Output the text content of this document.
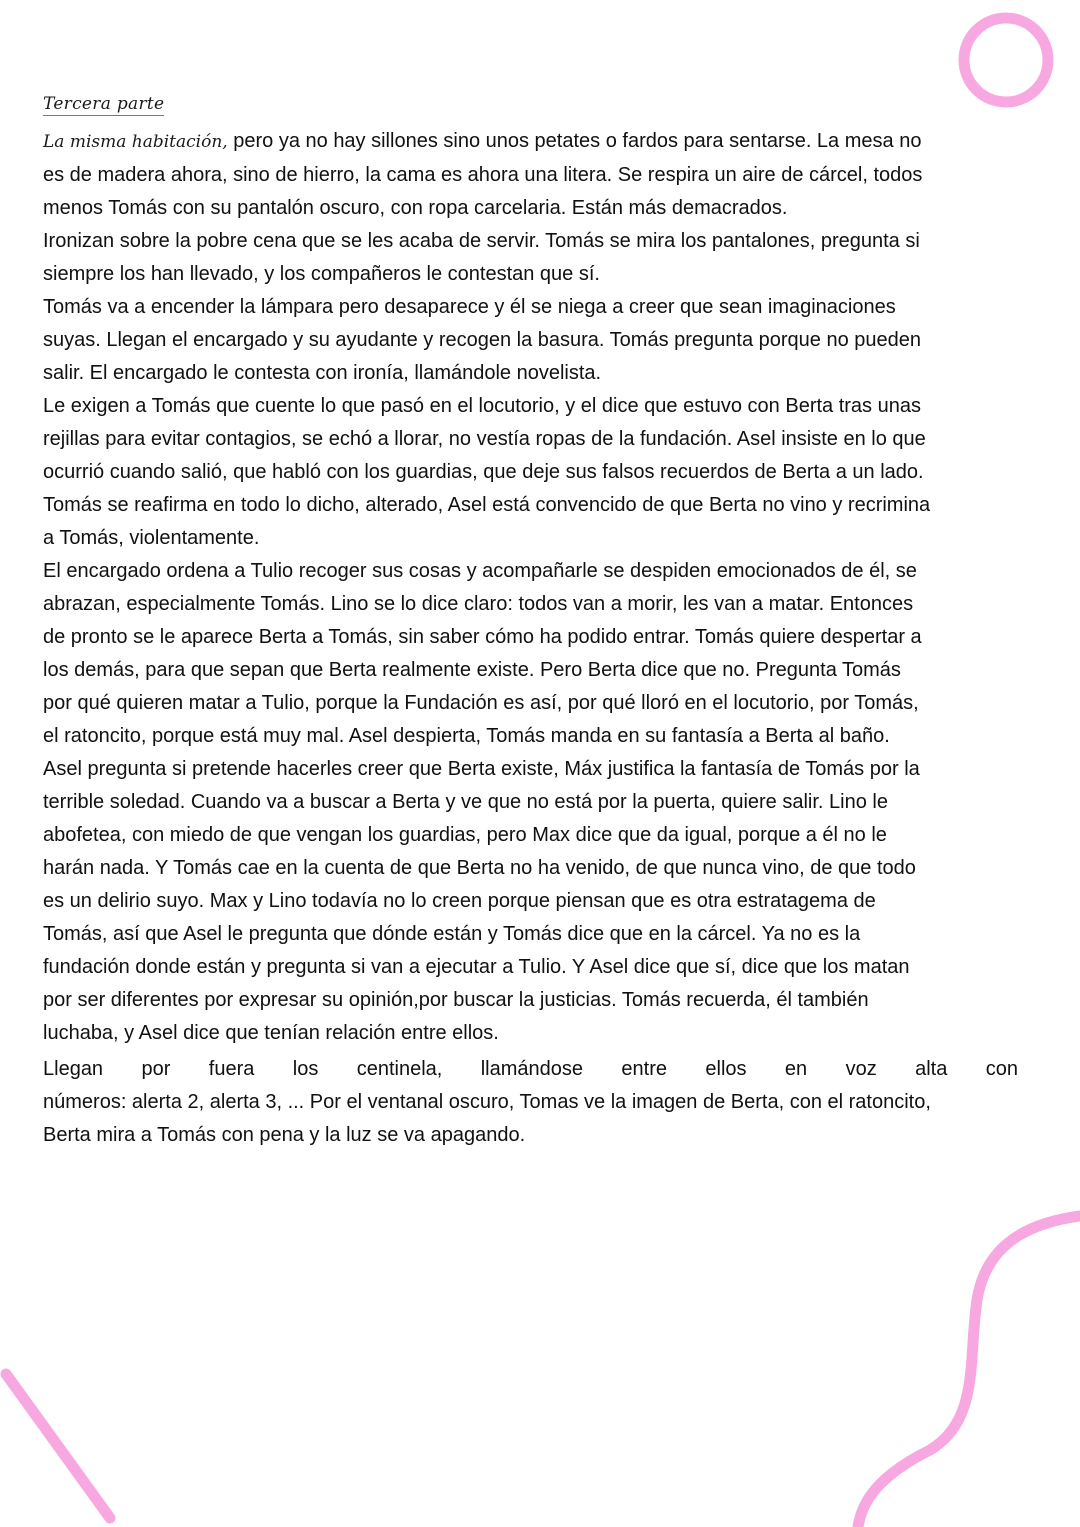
Tercera parte

La misma habitación, pero ya no hay sillones sino unos petates o fardos para sentarse. La mesa no
es de madera ahora, sino de hierro, la cama es ahora una litera. Se respira un aire de cárcel, todos
menos Tomás con su pantalón oscuro, con ropa carcelaria. Están más demacrados.

Ironizan sobre la pobre cena que se les acaba de servir. Tomás se mira los pantalones, pregunta si
siempre los han llevado, y los compañeros le contestan que sí.

Tomás va a encender la lámpara pero desaparece y él se niega a creer que sean imaginaciones
suyas. Llegan el encargado y su ayudante y recogen la basura. Tomás pregunta porque no pueden
salir. El encargado le contesta con ironía, llamándole novelista.

Le exigen a Tomás que cuente lo que pasó en el locutorio, y el dice que estuvo con Berta tras unas
rejillas para evitar contagios, se echó a llorar, no vestía ropas de la fundación. Asel insiste en lo que
ocurrió cuando salió, que habló con los guardias, que deje sus falsos recuerdos de Berta a un lado.
Tomás se reafirma en todo lo dicho, alterado, Asel está convencido de que Berta no vino y recrimina
a Tomás, violentamente.

El encargado ordena a Tulio recoger sus cosas y acompañarle se despiden emocionados de él, se
abrazan, especialmente Tomás. Lino se lo dice claro: todos van a morir, les van a matar. Entonces
de pronto se le aparece Berta a Tomás, sin saber cómo ha podido entrar. Tomás quiere despertar a
los demás, para que sepan que Berta realmente existe. Pero Berta dice que no. Pregunta Tomás
por qué quieren matar a Tulio, porque la Fundación es así, por qué lloró en el locutorio, por Tomás,
el ratoncito, porque está muy mal. Asel despierta, Tomás manda en su fantasía a Berta al baño.
Asel pregunta si pretende hacerles creer que Berta existe, Máx justifica la fantasía de Tomás por la
terrible soledad. Cuando va a buscar a Berta y ve que no está por la puerta, quiere salir. Lino le
abofetea, con miedo de que vengan los guardias, pero Max dice que da igual, porque a él no le
harán nada. Y Tomás cae en la cuenta de que Berta no ha venido, de que nunca vino, de que todo
es un delirio suyo. Max y Lino todavía no lo creen porque piensan que es otra estratagema de
Tomás, así que Asel le pregunta que dónde están y Tomás dice que en la cárcel. Ya no es la
fundación donde están y pregunta si van a ejecutar a Tulio. Y Asel dice que sí, dice que los matan
por ser diferentes por expresar su opinión,por buscar la justicias. Tomás recuerda, él también
luchaba, y Asel dice que tenían relación entre ellos.

Llegan por fuera los centinela, llamándose entre ellos en voz alta con
números: alerta 2, alerta 3, ... Por el ventanal oscuro, Tomas ve la imagen de Berta, con el ratoncito,
Berta mira a Tomás con pena y la luz se va apagando.
